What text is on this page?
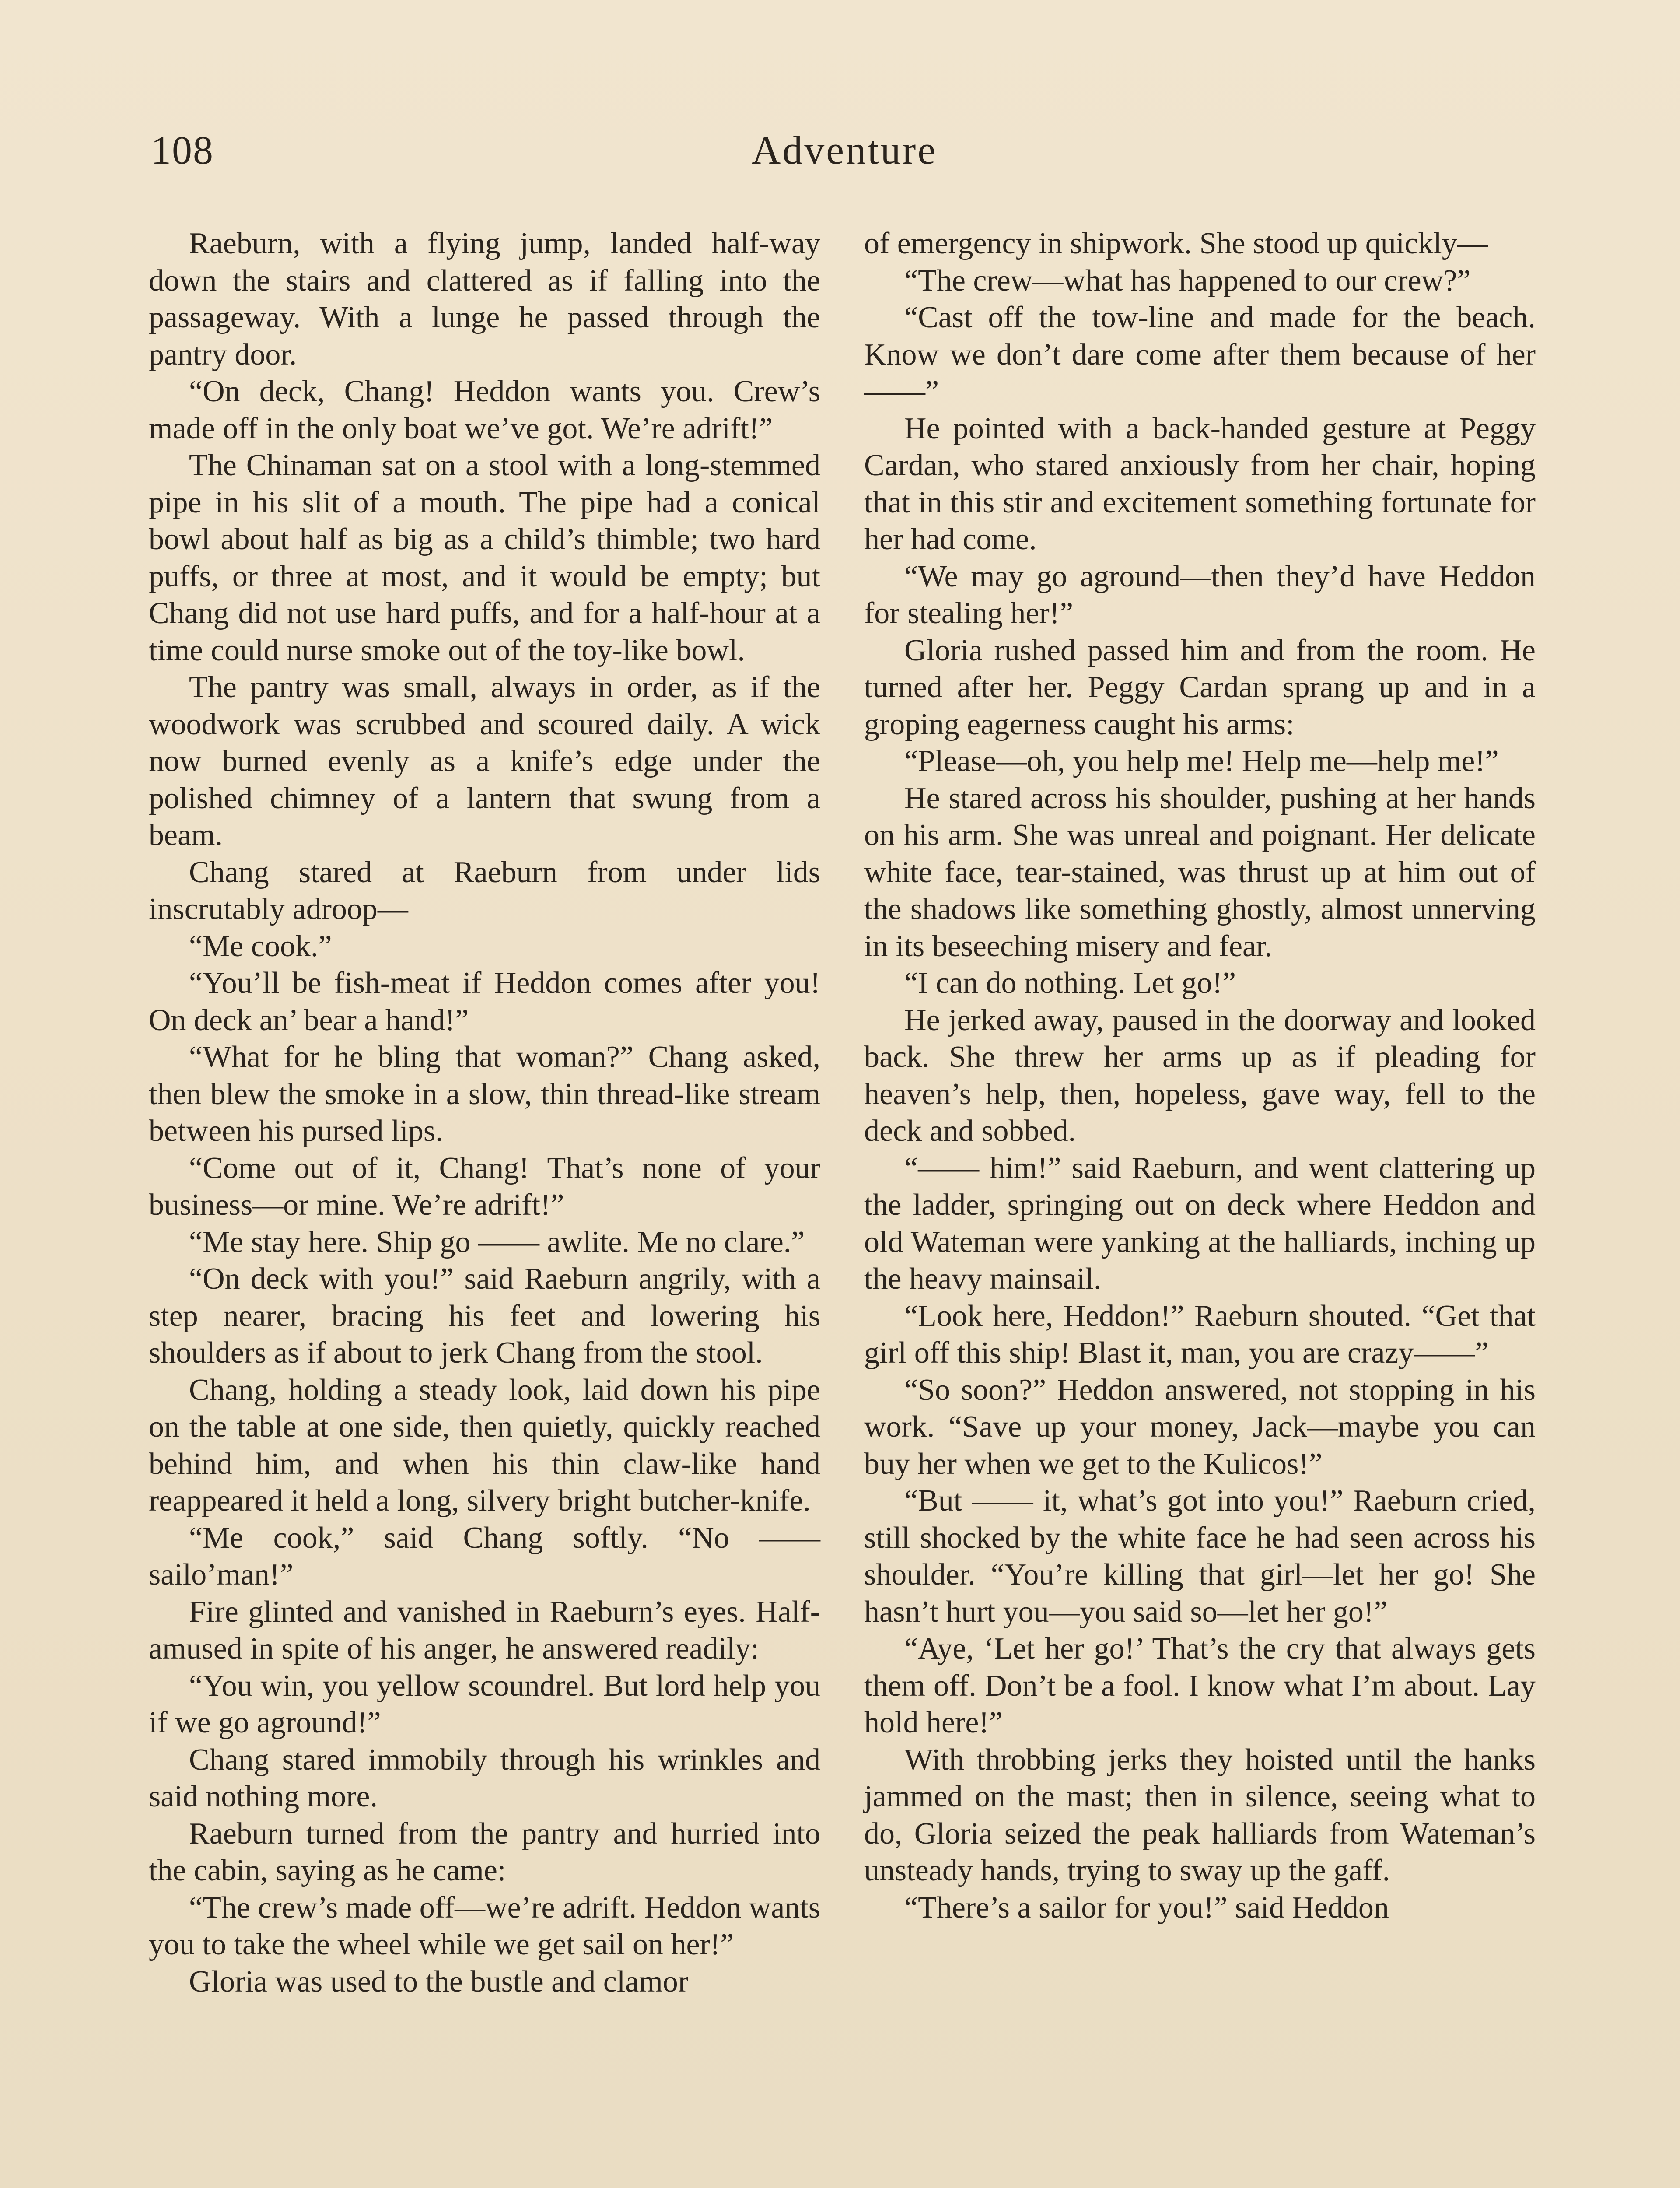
108	Adventure

Raeburn, with a flying jump, landed half-way down the stairs and clattered as if falling into the passageway. With a lunge he passed through the pantry door.

“On deck, Chang! Heddon wants you. Crew’s made off in the only boat we’ve got. We’re adrift!”

The Chinaman sat on a stool with a long-stemmed pipe in his slit of a mouth. The pipe had a conical bowl about half as big as a child’s thimble; two hard puffs, or three at most, and it would be empty; but Chang did not use hard puffs, and for a half-hour at a time could nurse smoke out of the toy-like bowl.

The pantry was small, always in order, as if the woodwork was scrubbed and scoured daily. A wick now burned evenly as a knife’s edge under the polished chimney of a lantern that swung from a beam.

Chang stared at Raeburn from under lids inscrutably adroop—

“Me cook.”

“You’ll be fish-meat if Heddon comes after you! On deck an’ bear a hand!”

“What for he bling that woman?” Chang asked, then blew the smoke in a slow, thin thread-like stream between his pursed lips.

“Come out of it, Chang! That’s none of your business—or mine. We’re adrift!”

“Me stay here. Ship go —— awlite. Me no clare.”

“On deck with you!” said Raeburn angrily, with a step nearer, bracing his feet and lowering his shoulders as if about to jerk Chang from the stool.

Chang, holding a steady look, laid down his pipe on the table at one side, then quietly, quickly reached behind him, and when his thin claw-like hand reappeared it held a long, silvery bright butcher-knife.

“Me cook,” said Chang softly. “No —— sailo’man!”

Fire glinted and vanished in Raeburn’s eyes. Half-amused in spite of his anger, he answered readily:

“You win, you yellow scoundrel. But lord help you if we go aground!”

Chang stared immobily through his wrinkles and said nothing more.

Raeburn turned from the pantry and hurried into the cabin, saying as he came:

“The crew’s made off—we’re adrift. Heddon wants you to take the wheel while we get sail on her!”

Gloria was used to the bustle and clamor

of emergency in shipwork. She stood up quickly—

“The crew—what has happened to our crew?”

“Cast off the tow-line and made for the beach. Know we don’t dare come after them because of her——”

He pointed with a back-handed gesture at Peggy Cardan, who stared anxiously from her chair, hoping that in this stir and excitement something fortunate for her had come.

“We may go aground—then they’d have Heddon for stealing her!”

Gloria rushed passed him and from the room. He turned after her. Peggy Cardan sprang up and in a groping eagerness caught his arms:

“Please—oh, you help me! Help me—help me!”

He stared across his shoulder, pushing at her hands on his arm. She was unreal and poignant. Her delicate white face, tear-stained, was thrust up at him out of the shadows like something ghostly, almost unnerving in its beseeching misery and fear.

“I can do nothing. Let go!”

He jerked away, paused in the doorway and looked back. She threw her arms up as if pleading for heaven’s help, then, hopeless, gave way, fell to the deck and sobbed.

“—— him!” said Raeburn, and went clattering up the ladder, springing out on deck where Heddon and old Wateman were yanking at the halliards, inching up the heavy mainsail.

“Look here, Heddon!” Raeburn shouted. “Get that girl off this ship! Blast it, man, you are crazy——”

“So soon?” Heddon answered, not stopping in his work. “Save up your money, Jack—maybe you can buy her when we get to the Kulicos!”

“But —— it, what’s got into you!” Raeburn cried, still shocked by the white face he had seen across his shoulder. “You’re killing that girl—let her go! She hasn’t hurt you—you said so—let her go!”

“Aye, ‘Let her go!’ That’s the cry that always gets them off. Don’t be a fool. I know what I’m about. Lay hold here!”

With throbbing jerks they hoisted until the hanks jammed on the mast; then in silence, seeing what to do, Gloria seized the peak halliards from Wateman’s unsteady hands, trying to sway up the gaff.

“There’s a sailor for you!” said Heddon
